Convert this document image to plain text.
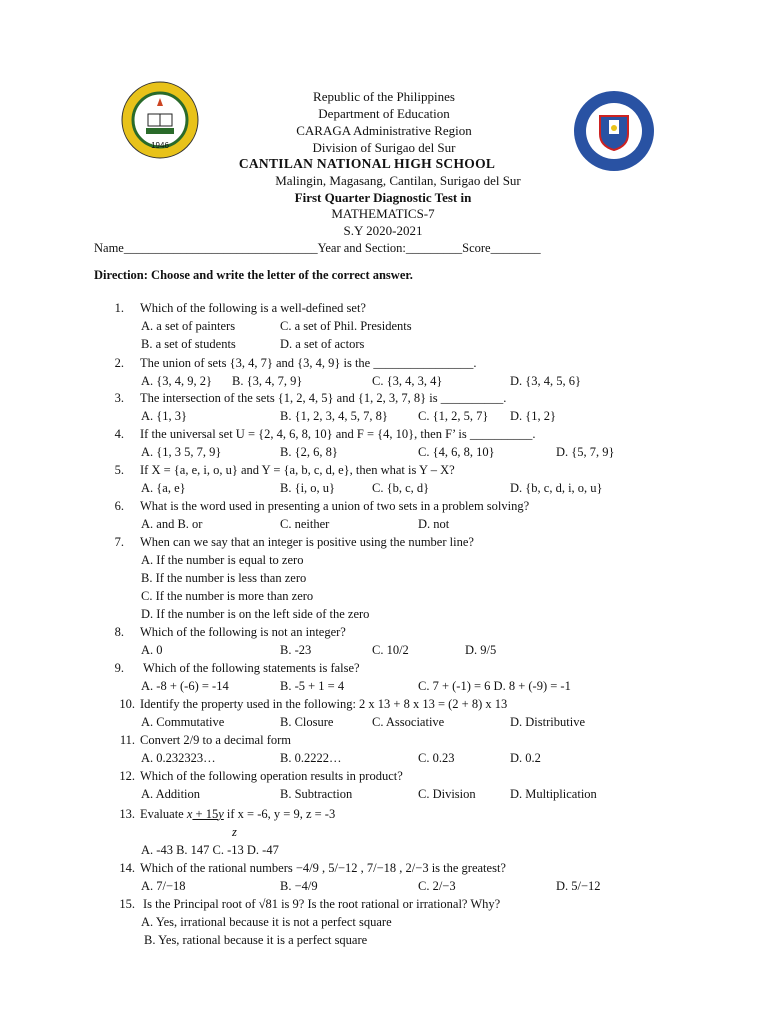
1946
Republic of the Philippines
Department of Education
CARAGA Administrative Region
Division of Surigao del Sur
CANTILAN NATIONAL HIGH SCHOOL
Malingin, Magasang, Cantilan, Surigao del Sur
First Quarter Diagnostic Test in
MATHEMATICS-7
S.Y 2020-2021
Name_______________________________Year and Section:_________Score________
Direction: Choose and write the letter of the correct answer.
1. Which of the following is a well-defined set?
A. a set of painters	C. a set of Phil. Presidents
B. a set of students	D. a set of actors
2. The union of sets {3, 4, 7} and {3, 4, 9} is the ________________.
A. {3, 4, 9, 2} B. {3, 4, 7, 9}	C. {3, 4, 3, 4}	D. {3, 4, 5, 6}
3. The intersection of the sets {1, 2, 4, 5} and {1, 2, 3, 7, 8} is __________.
A. {1, 3}	B. {1, 2, 3, 4, 5, 7, 8} C. {1, 2, 5, 7} D. {1, 2}
4. If the universal set U = {2, 4, 6, 8, 10} and F = {4, 10}, then F’ is __________.
A. {1, 3 5, 7, 9}	B. {2, 6, 8}	C. {4, 6, 8, 10}	D. {5, 7, 9}
5. If X = {a, e, i, o, u} and Y = {a, b, c, d, e}, then what is Y – X?
A. {a, e}	B. {i, o, u}	C. {b, c, d}	D. {b, c, d, i, o, u}
6. What is the word used in presenting a union of two sets in a problem solving?
A. and B. or	C. neither	D. not
7. When can we say that an integer is positive using the number line?
A. If the number is equal to zero
B. If the number is less than zero
C. If the number is more than zero
D. If the number is on the left side of the zero
8. Which of the following is not an integer?
A. 0	B. -23	C. 10/2	D. 9/5
9. Which of the following statements is false?
A. -8 + (-6) = -14	B. -5 + 1 = 4	C. 7 + (-1) = 6 D. 8 + (-9) = -1
10. Identify the property used in the following: 2 x 13 + 8 x 13 = (2 + 8) x 13
A. Commutative	B. Closure	C. Associative	D. Distributive
11. Convert 2/9 to a decimal form
A. 0.232323…	B. 0.2222…	C. 0.23	D. 0.2
12. Which of the following operation results in product?
A. Addition	B. Subtraction	C. Division	D. Multiplication
13. Evaluate x + 15y if x = -6, y = 9, z = -3
z
A. -43 B. 147 C. -13 D. -47
14. Which of the rational numbers −4/9 , 5/−12 , 7/−18 , 2/−3 is the greatest?
A. 7/−18	B. −4/9	C. 2/−3	D. 5/−12
15. Is the Principal root of √81 is 9? Is the root rational or irrational? Why?
A. Yes, irrational because it is not a perfect square
B. Yes, rational because it is a perfect square
